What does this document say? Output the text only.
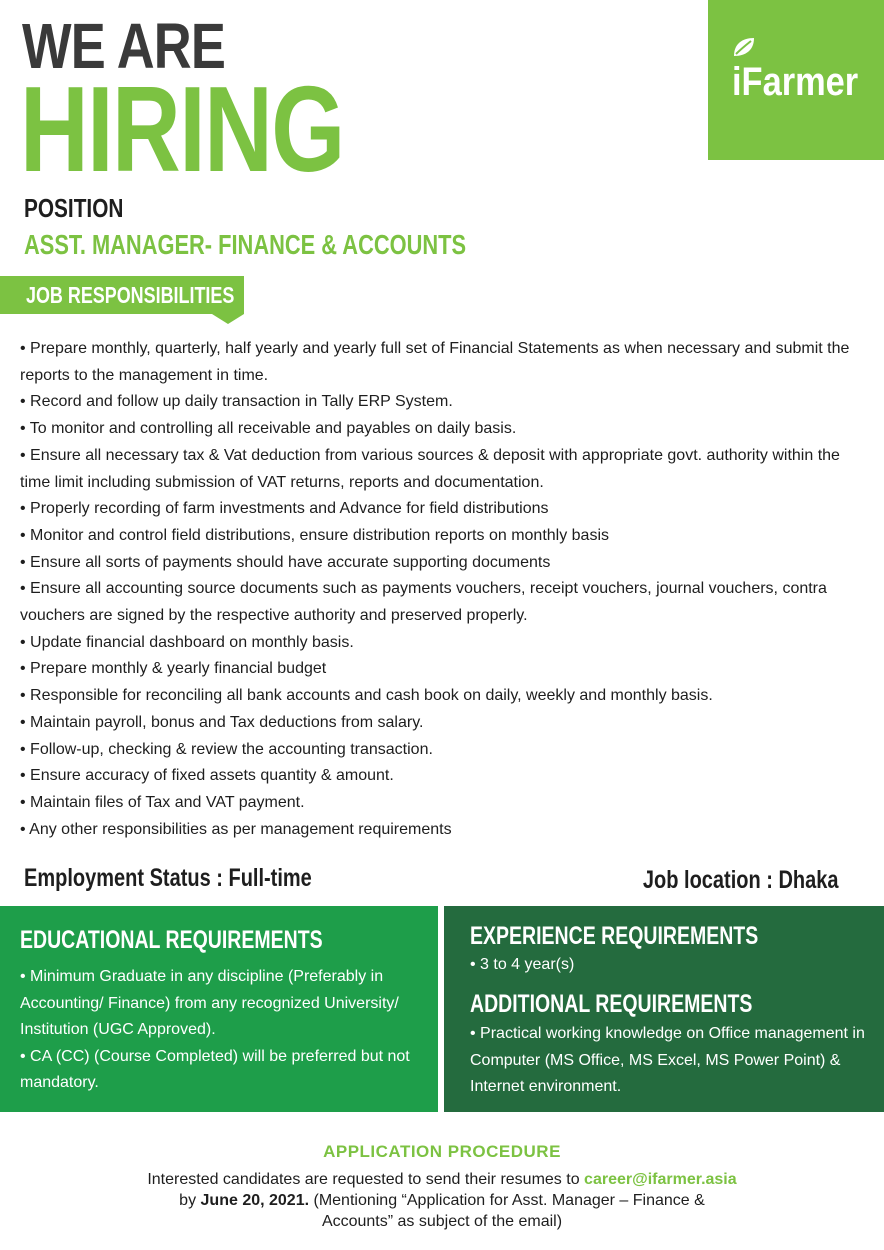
WE ARE
HIRING	iFarmer
POSITION
ASST. MANAGER- FINANCE & ACCOUNTS
JOB RESPONSIBILITIES
• Prepare monthly, quarterly, half yearly and yearly full set of Financial Statements as when necessary and submit the reports to the management in time.
• Record and follow up daily transaction in Tally ERP System.
• To monitor and controlling all receivable and payables on daily basis.
• Ensure all necessary tax & Vat deduction from various sources & deposit with appropriate govt. authority within the time limit including submission of VAT returns, reports and documentation.
• Properly recording of farm investments and Advance for field distributions
• Monitor and control field distributions, ensure distribution reports on monthly basis
• Ensure all sorts of payments should have accurate supporting documents
• Ensure all accounting source documents such as payments vouchers, receipt vouchers, journal vouchers, contra vouchers are signed by the respective authority and preserved properly.
• Update financial dashboard on monthly basis.
• Prepare monthly & yearly financial budget
• Responsible for reconciling all bank accounts and cash book on daily, weekly and monthly basis.
• Maintain payroll, bonus and Tax deductions from salary.
• Follow-up, checking & review the accounting transaction.
• Ensure accuracy of fixed assets quantity & amount.
• Maintain files of Tax and VAT payment.
• Any other responsibilities as per management requirements
Employment Status : Full-time	Job location : Dhaka
EDUCATIONAL REQUIREMENTS

• Minimum Graduate in any discipline (Preferably in Accounting/ Finance) from any recognized University/ Institution (UGC Approved).

• CA (CC) (Course Completed) will be preferred but not mandatory.

EXPERIENCE REQUIREMENTS

• 3 to 4 year(s)

ADDITIONAL REQUIREMENTS

• Practical working knowledge on Office management in Computer (MS Office, MS Excel, MS Power Point) & Internet environment.

APPLICATION PROCEDURE
Interested candidates are requested to send their resumes to career@ifarmer.asia
by June 20, 2021. (Mentioning “Application for Asst. Manager – Finance &
Accounts” as subject of the email)
